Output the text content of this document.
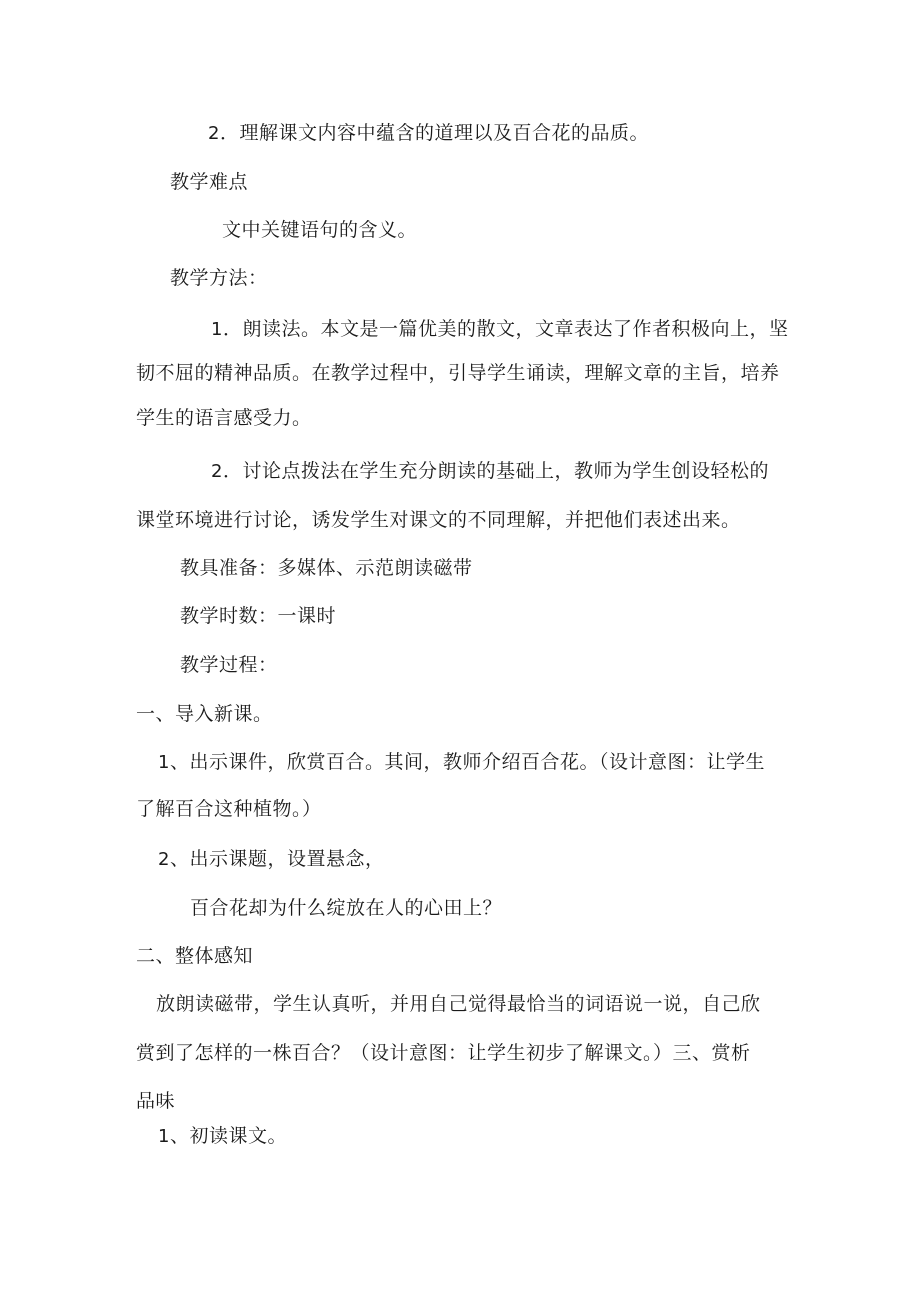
2．理解课文内容中蕴含的道理以及百合花的品质。

教学难点

文中关键语句的含义。

教学方法：

1．朗读法。本文是一篇优美的散文，文章表达了作者积极向上，坚

韧不屈的精神品质。在教学过程中，引导学生诵读，理解文章的主旨，培养学生的语言感受力。

2．讨论点拨法在学生充分朗读的基础上，教师为学生创设轻松的

课堂环境进行讨论，诱发学生对课文的不同理解，并把他们表述出来。

教具准备：多媒体、示范朗读磁带

教学时数：一课时

教学过程：

一、导入新课。

1、出示课件，欣赏百合。其间，教师介绍百合花。（设计意图：让学生

了解百合这种植物。）

2、出示课题，设置悬念，

百合花却为什么绽放在人的心田上？

二、整体感知

放朗读磁带，学生认真听，并用自己觉得最恰当的词语说一说，自己欣

赏到了怎样的一株百合？（设计意图：让学生初步了解课文。）三、赏析

品味

1、初读课文。
